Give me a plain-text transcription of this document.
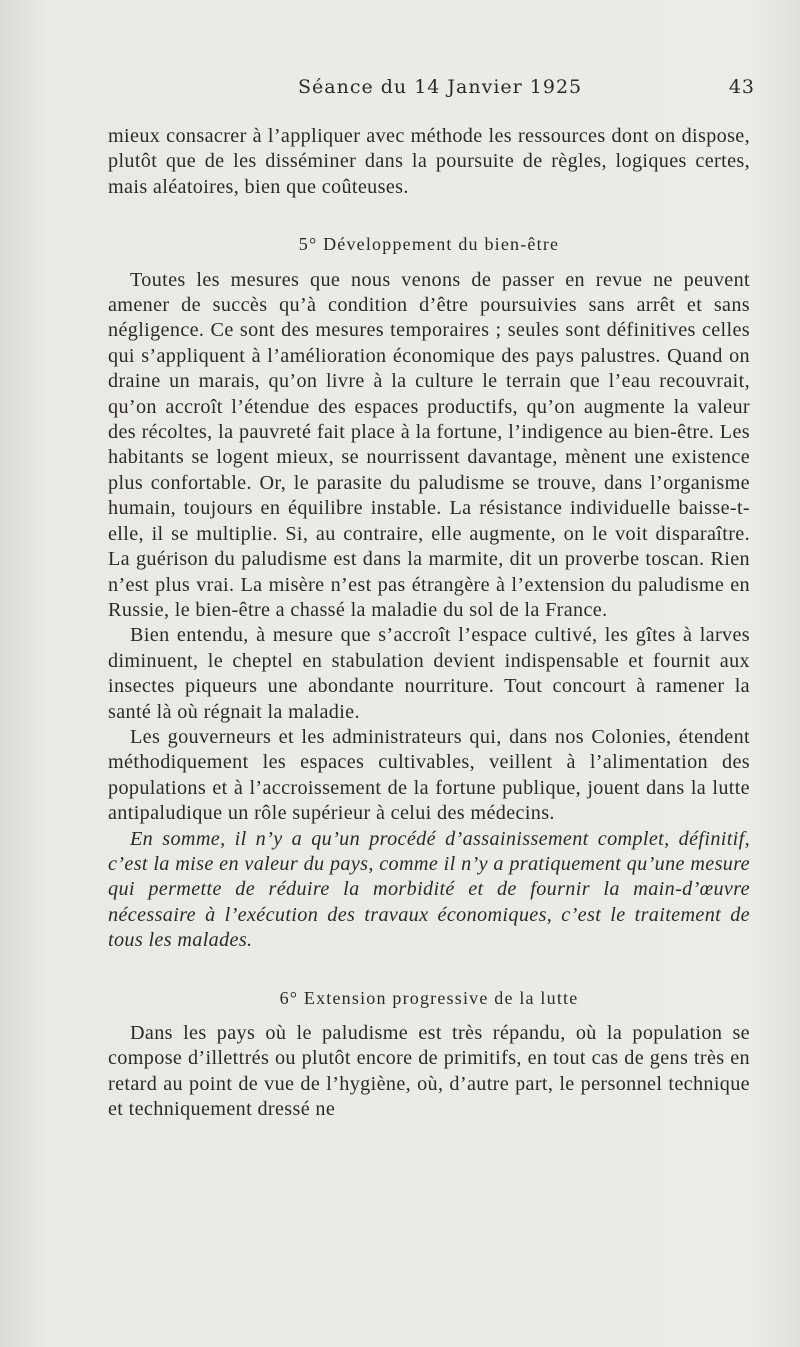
Séance du 14 Janvier 1925	43

mieux consacrer à l’appliquer avec méthode les ressources dont on dispose, plutôt que de les disséminer dans la poursuite de règles, logiques certes, mais aléatoires, bien que coûteuses.

5° Développement du bien-être

Toutes les mesures que nous venons de passer en revue ne peuvent amener de succès qu’à condition d’être poursuivies sans arrêt et sans négligence. Ce sont des mesures temporaires ; seules sont définitives celles qui s’appliquent à l’amélioration économique des pays palustres. Quand on draine un marais, qu’on livre à la culture le terrain que l’eau recouvrait, qu’on accroît l’étendue des espaces productifs, qu’on augmente la valeur des récoltes, la pauvreté fait place à la fortune, l’indigence au bien-être. Les habitants se logent mieux, se nourrissent davantage, mènent une existence plus confortable. Or, le parasite du paludisme se trouve, dans l’organisme humain, toujours en équilibre instable. La résistance individuelle baisse-t-elle, il se multiplie. Si, au contraire, elle augmente, on le voit disparaître. La guérison du paludisme est dans la marmite, dit un proverbe toscan. Rien n’est plus vrai. La misère n’est pas étrangère à l’extension du paludisme en Russie, le bien-être a chassé la maladie du sol de la France.

Bien entendu, à mesure que s’accroît l’espace cultivé, les gîtes à larves diminuent, le cheptel en stabulation devient indispensable et fournit aux insectes piqueurs une abondante nourriture. Tout concourt à ramener la santé là où régnait la maladie.

Les gouverneurs et les administrateurs qui, dans nos Colonies, étendent méthodiquement les espaces cultivables, veillent à l’alimentation des populations et à l’accroissement de la fortune publique, jouent dans la lutte antipaludique un rôle supérieur à celui des médecins.

En somme, il n’y a qu’un procédé d’assainissement complet, définitif, c’est la mise en valeur du pays, comme il n’y a pratiquement qu’une mesure qui permette de réduire la morbidité et de fournir la main-d’œuvre nécessaire à l’exécution des travaux économiques, c’est le traitement de tous les malades.

6° Extension progressive de la lutte

Dans les pays où le paludisme est très répandu, où la population se compose d’illettrés ou plutôt encore de primitifs, en tout cas de gens très en retard au point de vue de l’hygiène, où, d’autre part, le personnel technique et techniquement dressé ne
